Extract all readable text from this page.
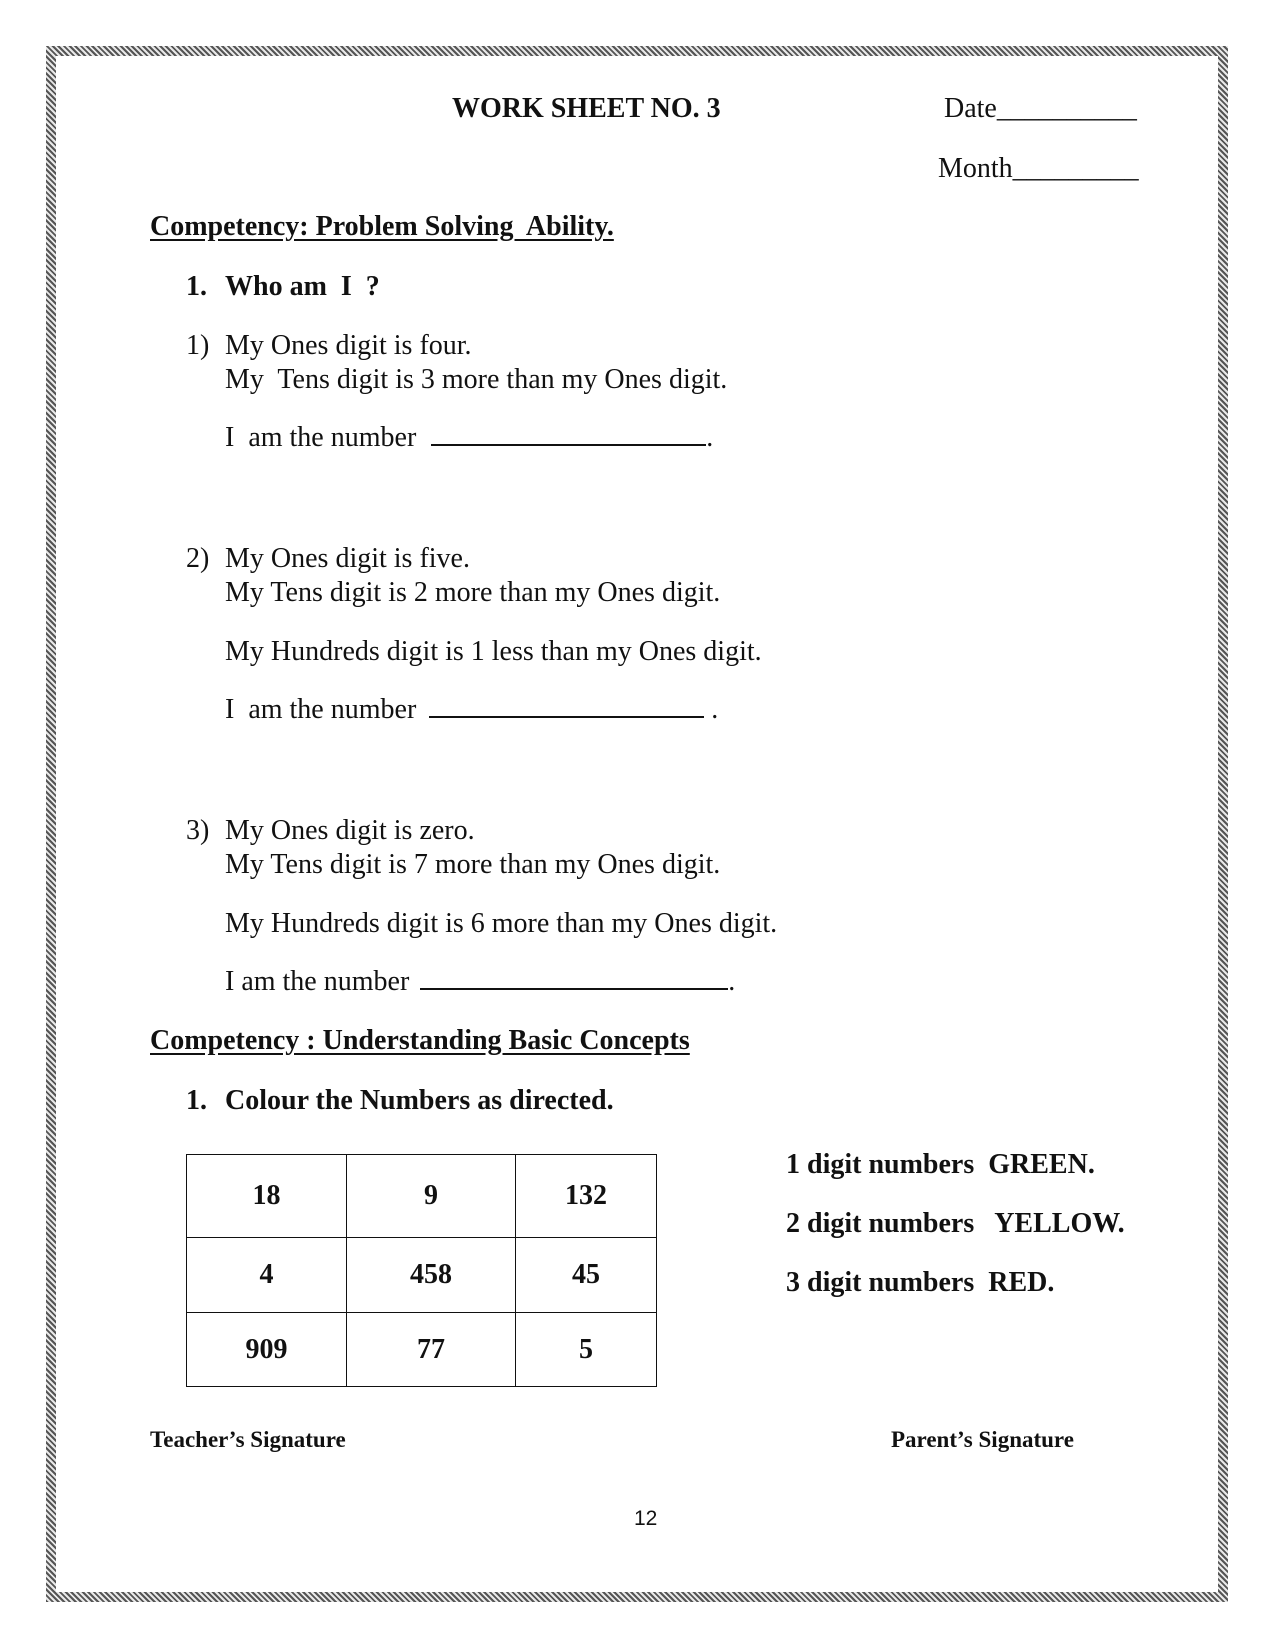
WORK SHEET NO. 3	Date__________
Month_________
Competency: Problem Solving  Ability.
1. Who am  I  ?
1) My Ones digit is four.
My  Tens digit is 3 more than my Ones digit.
I  am the number	.
2) My Ones digit is five.
My Tens digit is 2 more than my Ones digit.
My Hundreds digit is 1 less than my Ones digit.
I  am the number	.
3) My Ones digit is zero.
My Tens digit is 7 more than my Ones digit.
My Hundreds digit is 6 more than my Ones digit.
I am the number	.
Competency : Understanding Basic Concepts
1. Colour the Numbers as directed.
18	9	132
4	458	45
909	77	5
1 digit numbers  GREEN.
2 digit numbers   YELLOW.
3 digit numbers  RED.
Teacher’s Signature	Parent’s Signature
12
